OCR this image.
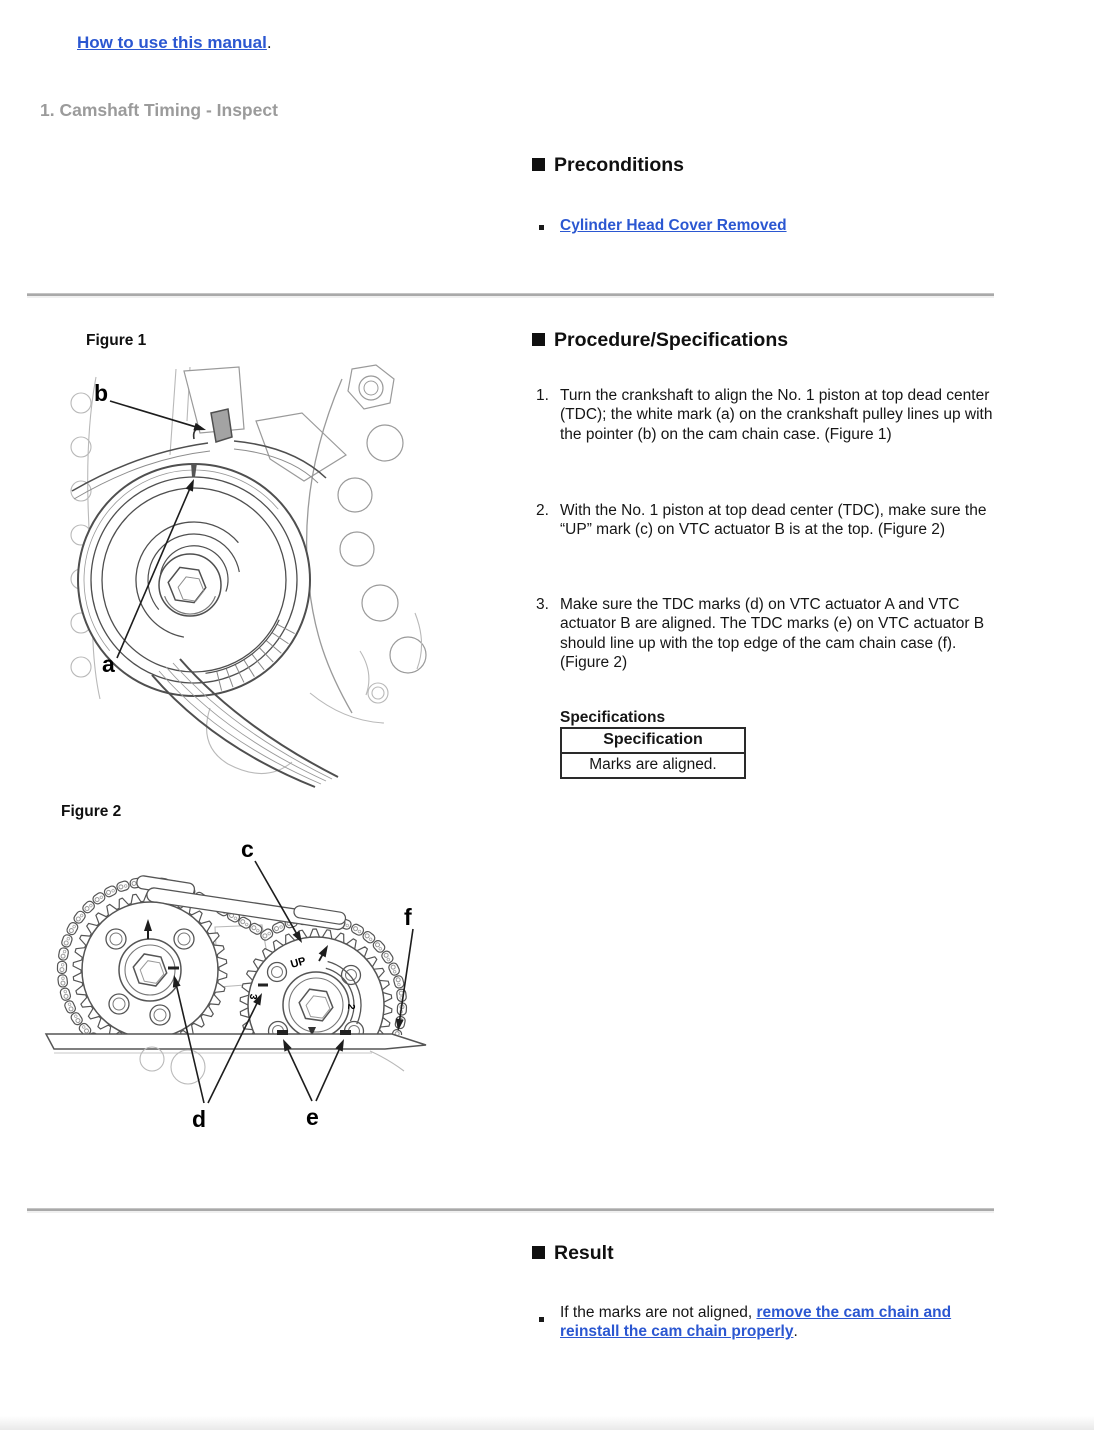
How to use this manual.
1. Camshaft Timing - Inspect
Preconditions
Cylinder Head Cover Removed
Figure 1
b
a
Procedure/Specifications
1. Turn the crankshaft to align the No. 1 piston at top dead center (TDC); the white mark (a) on the crankshaft pulley lines up with the pointer (b) on the cam chain case. (Figure 1)
2. With the No. 1 piston at top dead center (TDC), make sure the “UP” mark (c) on VTC actuator B is at the top. (Figure 2)
3. Make sure the TDC marks (d) on VTC actuator A and VTC actuator B are aligned. The TDC marks (e) on VTC actuator B should line up with the top edge of the cam chain case (f). (Figure 2)
Specifications
Specification
Marks are aligned.
Figure 2
UP
3
2
c
f
d	e
Result
If the marks are not aligned, remove the cam chain and reinstall the cam chain properly.
